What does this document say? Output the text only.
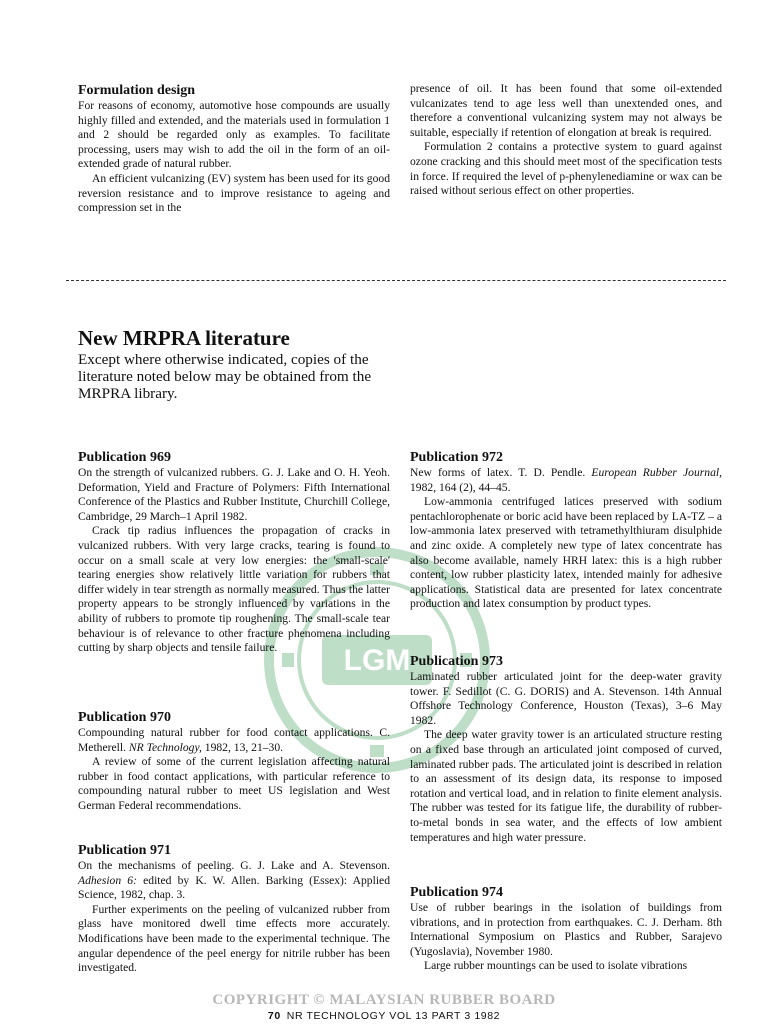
Formulation design

For reasons of economy, automotive hose compounds are usually highly filled and extended, and the materials used in formulation 1 and 2 should be regarded only as examples. To facilitate processing, users may wish to add the oil in the form of an oil-extended grade of natural rubber.

An efficient vulcanizing (EV) system has been used for its good reversion resistance and to improve resistance to ageing and compression set in the

presence of oil. It has been found that some oil-extended vulcanizates tend to age less well than unextended ones, and therefore a conventional vulcanizing system may not always be suitable, especially if retention of elongation at break is required.

Formulation 2 contains a protective system to guard against ozone cracking and this should meet most of the specification tests in force. If required the level of p-phenylenediamine or wax can be raised without serious effect on other properties.

New MRPRA literature

Except where otherwise indicated, copies of the literature noted below may be obtained from the MRPRA library.

LGM

Publication 969

On the strength of vulcanized rubbers. G. J. Lake and O. H. Yeoh. Deformation, Yield and Fracture of Polymers: Fifth International Conference of the Plastics and Rubber Institute, Churchill College, Cambridge, 29 March–1 April 1982.

Crack tip radius influences the propagation of cracks in vulcanized rubbers. With very large cracks, tearing is found to occur on a small scale at very low energies: the 'small-scale' tearing energies show relatively little variation for rubbers that differ widely in tear strength as normally measured. Thus the latter property appears to be strongly influenced by variations in the ability of rubbers to promote tip roughening. The small-scale tear behaviour is of relevance to other fracture phenomena including cutting by sharp objects and tensile failure.

Publication 970

Compounding natural rubber for food contact applications. C. Metherell. NR Technology, 1982, 13, 21–30.

A review of some of the current legislation affecting natural rubber in food contact applications, with particular reference to compounding natural rubber to meet US legislation and West German Federal recommendations.

Publication 971

On the mechanisms of peeling. G. J. Lake and A. Stevenson. Adhesion 6: edited by K. W. Allen. Barking (Essex): Applied Science, 1982, chap. 3.

Further experiments on the peeling of vulcanized rubber from glass have monitored dwell time effects more accurately. Modifications have been made to the experimental technique. The angular dependence of the peel energy for nitrile rubber has been investigated.

Publication 972

New forms of latex. T. D. Pendle. European Rubber Journal, 1982, 164 (2), 44–45.

Low-ammonia centrifuged latices preserved with sodium pentachlorophenate or boric acid have been replaced by LA-TZ – a low-ammonia latex preserved with tetramethylthiuram disulphide and zinc oxide. A completely new type of latex concentrate has also become available, namely HRH latex: this is a high rubber content, low rubber plasticity latex, intended mainly for adhesive applications. Statistical data are presented for latex concentrate production and latex consumption by product types.

Publication 973

Laminated rubber articulated joint for the deep-water gravity tower. F. Sedillot (C. G. DORIS) and A. Stevenson. 14th Annual Offshore Technology Conference, Houston (Texas), 3–6 May 1982.

The deep water gravity tower is an articulated structure resting on a fixed base through an articulated joint composed of curved, laminated rubber pads. The articulated joint is described in relation to an assessment of its design data, its response to imposed rotation and vertical load, and in relation to finite element analysis. The rubber was tested for its fatigue life, the durability of rubber-to-metal bonds in sea water, and the effects of low ambient temperatures and high water pressure.

Publication 974

Use of rubber bearings in the isolation of buildings from vibrations, and in protection from earthquakes. C. J. Derham. 8th International Symposium on Plastics and Rubber, Sarajevo (Yugoslavia), November 1980.

Large rubber mountings can be used to isolate vibrations

COPYRIGHT © MALAYSIAN RUBBER BOARD
70 NR TECHNOLOGY VOL 13 PART 3 1982
